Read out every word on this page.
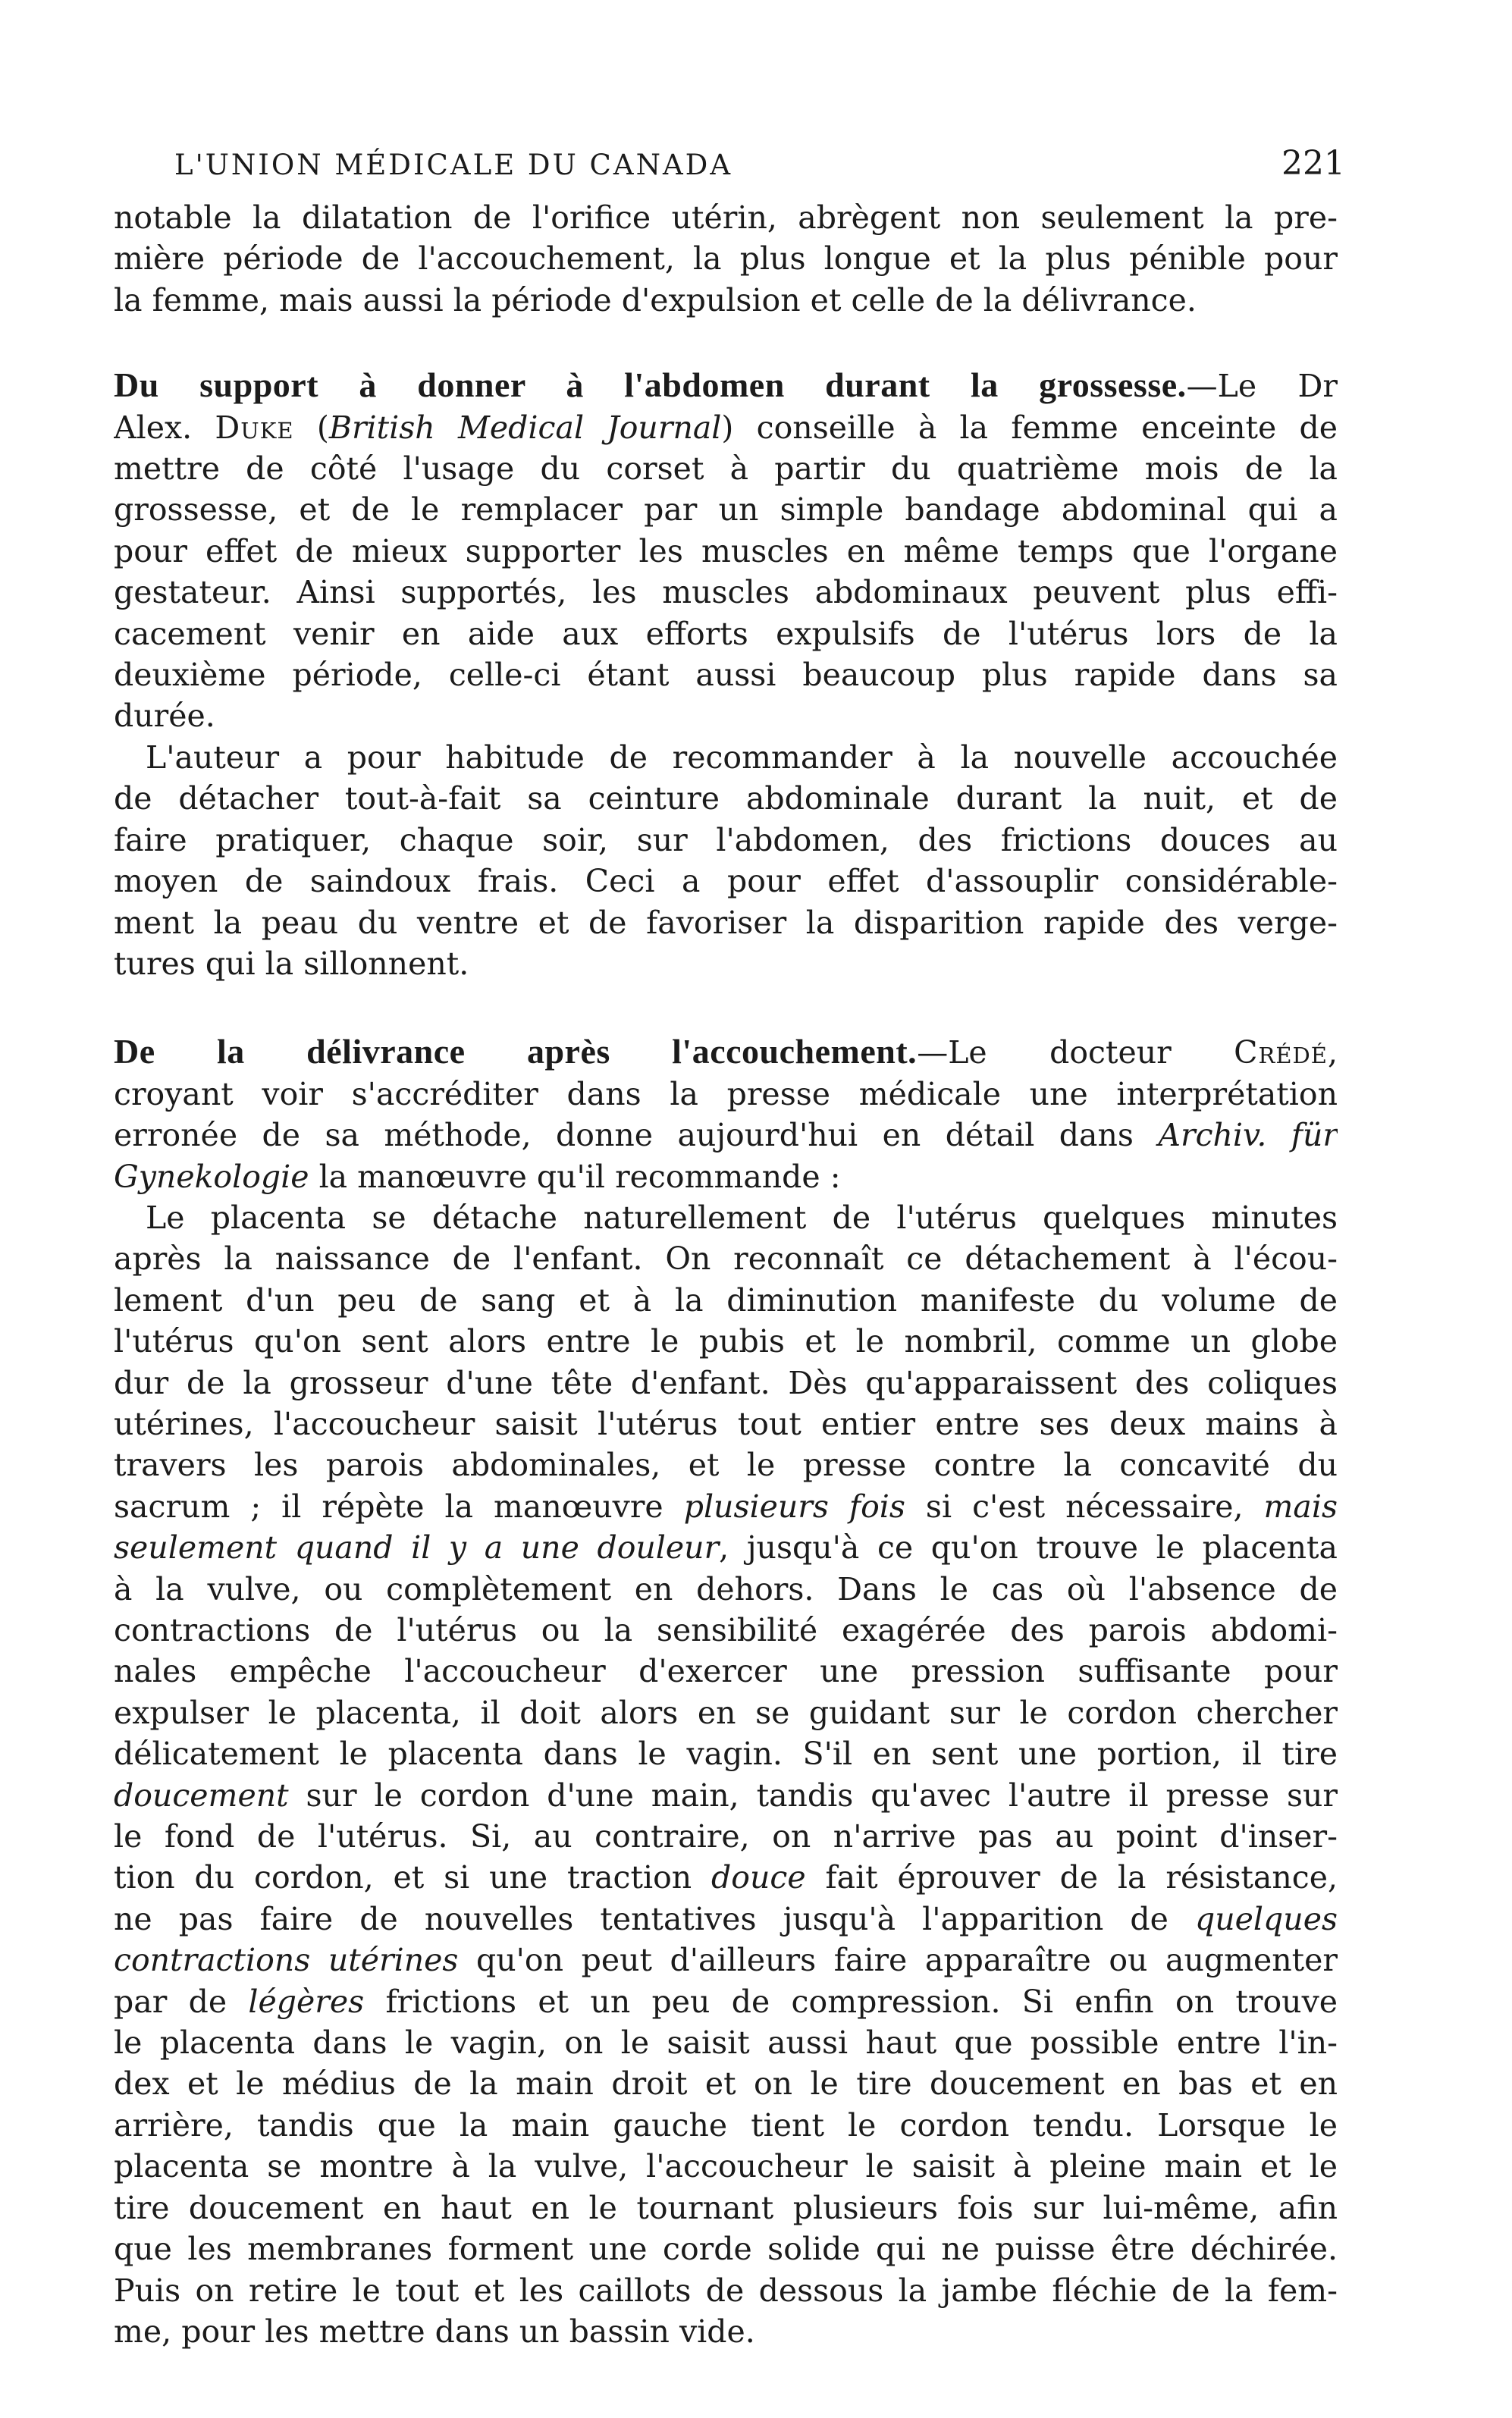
L'UNION MÉDICALE DU CANADA	221
notable la dilatation de l'orifice utérin, abrègent non seulement la pre-
mière période de l'accouchement, la plus longue et la plus pénible pour
la femme, mais aussi la période d'expulsion et celle de la délivrance.
Du support à donner à l'abdomen durant la grossesse.—Le Dr
Alex. Duke (British Medical Journal) conseille à la femme enceinte de
mettre de côté l'usage du corset à partir du quatrième mois de la
grossesse, et de le remplacer par un simple bandage abdominal qui a
pour effet de mieux supporter les muscles en même temps que l'organe
gestateur. Ainsi supportés, les muscles abdominaux peuvent plus effi-
cacement venir en aide aux efforts expulsifs de l'utérus lors de la
deuxième période, celle-ci étant aussi beaucoup plus rapide dans sa
durée.
L'auteur a pour habitude de recommander à la nouvelle accouchée
de détacher tout-à-fait sa ceinture abdominale durant la nuit, et de
faire pratiquer, chaque soir, sur l'abdomen, des frictions douces au
moyen de saindoux frais. Ceci a pour effet d'assouplir considérable-
ment la peau du ventre et de favoriser la disparition rapide des verge-
tures qui la sillonnent.
De la délivrance après l'accouchement.—Le docteur Crédé,
croyant voir s'accréditer dans la presse médicale une interprétation
erronée de sa méthode, donne aujourd'hui en détail dans Archiv. für
Gynekologie la manœuvre qu'il recommande :
Le placenta se détache naturellement de l'utérus quelques minutes
après la naissance de l'enfant. On reconnaît ce détachement à l'écou-
lement d'un peu de sang et à la diminution manifeste du volume de
l'utérus qu'on sent alors entre le pubis et le nombril, comme un globe
dur de la grosseur d'une tête d'enfant. Dès qu'apparaissent des coliques
utérines, l'accoucheur saisit l'utérus tout entier entre ses deux mains à
travers les parois abdominales, et le presse contre la concavité du
sacrum ; il répète la manœuvre plusieurs fois si c'est nécessaire, mais
seulement quand il y a une douleur, jusqu'à ce qu'on trouve le placenta
à la vulve, ou complètement en dehors. Dans le cas où l'absence de
contractions de l'utérus ou la sensibilité exagérée des parois abdomi-
nales empêche l'accoucheur d'exercer une pression suffisante pour
expulser le placenta, il doit alors en se guidant sur le cordon chercher
délicatement le placenta dans le vagin. S'il en sent une portion, il tire
doucement sur le cordon d'une main, tandis qu'avec l'autre il presse sur
le fond de l'utérus. Si, au contraire, on n'arrive pas au point d'inser-
tion du cordon, et si une traction douce fait éprouver de la résistance,
ne pas faire de nouvelles tentatives jusqu'à l'apparition de quelques
contractions utérines qu'on peut d'ailleurs faire apparaître ou augmenter
par de légères frictions et un peu de compression. Si enfin on trouve
le placenta dans le vagin, on le saisit aussi haut que possible entre l'in-
dex et le médius de la main droit et on le tire doucement en bas et en
arrière, tandis que la main gauche tient le cordon tendu. Lorsque le
placenta se montre à la vulve, l'accoucheur le saisit à pleine main et le
tire doucement en haut en le tournant plusieurs fois sur lui-même, afin
que les membranes forment une corde solide qui ne puisse être déchirée.
Puis on retire le tout et les caillots de dessous la jambe fléchie de la fem-
me, pour les mettre dans un bassin vide.
